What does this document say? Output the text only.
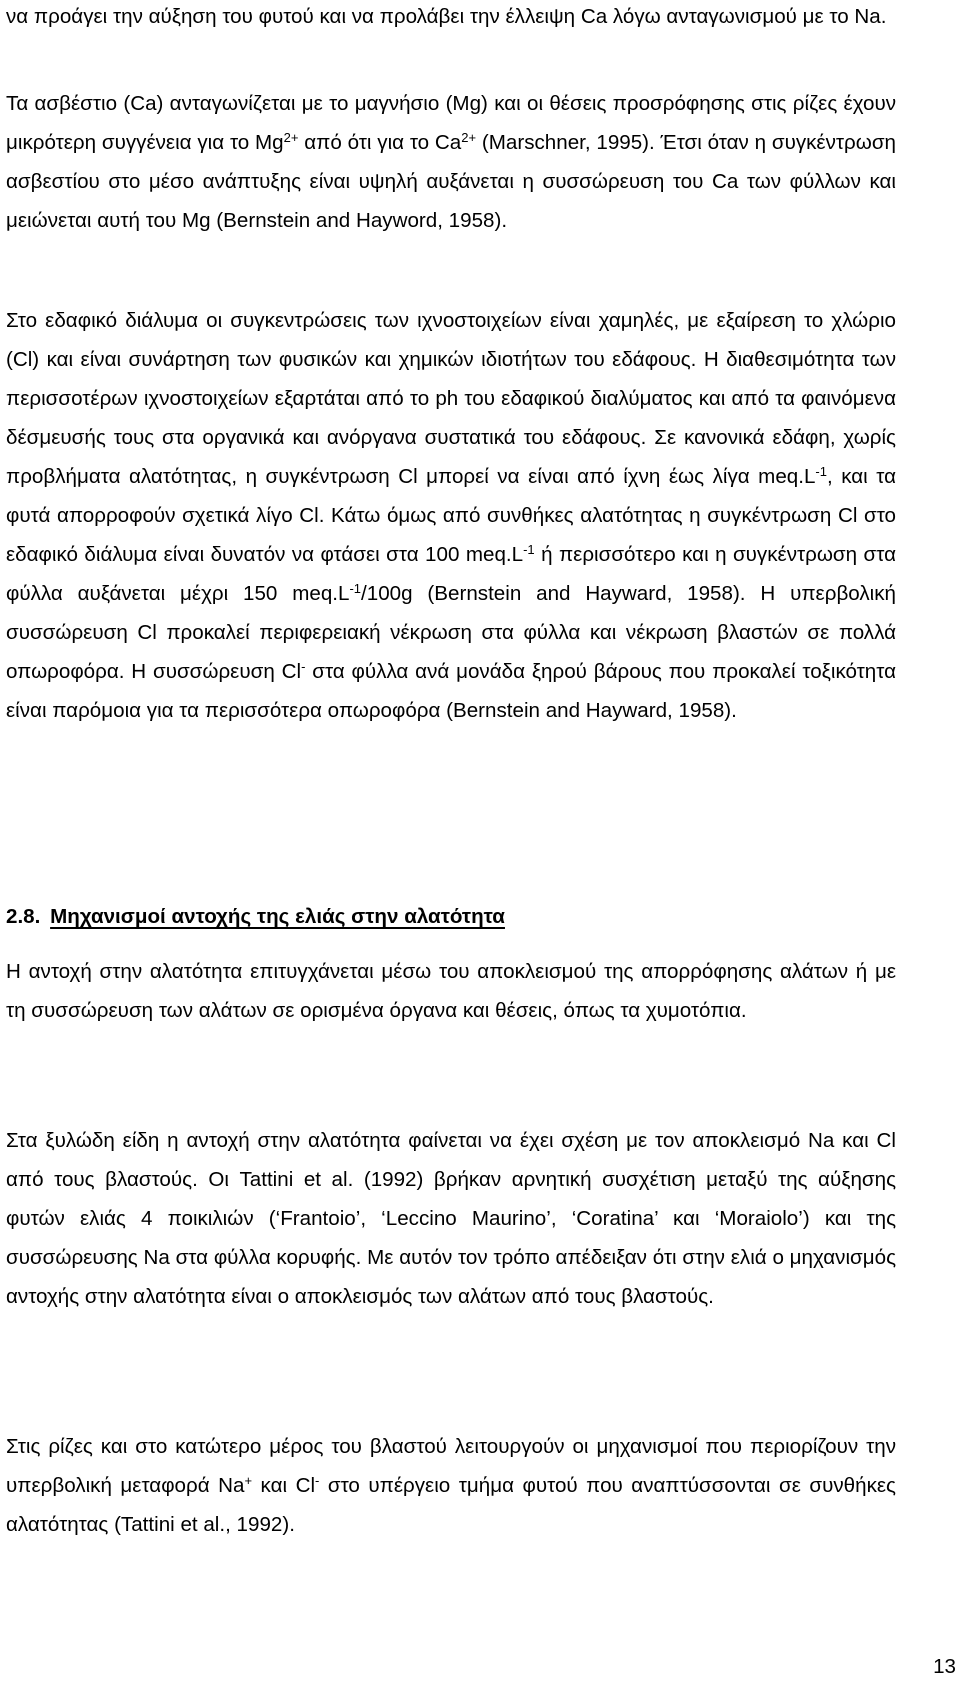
να προάγει την αύξηση του φυτού και να προλάβει την έλλειψη Ca λόγω ανταγωνισμού με το Na.
Τα ασβέστιο (Ca) ανταγωνίζεται με το μαγνήσιο (Mg) και οι θέσεις προσρόφησης στις ρίζες έχουν μικρότερη συγγένεια για το $Mg^{2+}$ από ότι για το $Ca^{2+}$ (Marschner, 1995). Έτσι όταν η συγκέντρωση ασβεστίου στο μέσο ανάπτυξης είναι υψηλή αυξάνεται η συσσώρευση του Ca των φύλλων και μειώνεται αυτή του Mg (Bernstein and Hayword, 1958).
Στο εδαφικό διάλυμα οι συγκεντρώσεις των ιχνοστοιχείων είναι χαμηλές, με εξαίρεση το χλώριο (Cl) και είναι συνάρτηση των φυσικών και χημικών ιδιοτήτων του εδάφους. Η διαθεσιμότητα των περισσοτέρων ιχνοστοιχείων εξαρτάται από το ph του εδαφικού διαλύματος και από τα φαινόμενα δέσμευσής τους στα οργανικά και ανόργανα συστατικά του εδάφους. Σε κανονικά εδάφη, χωρίς προβλήματα αλατότητας, η συγκέντρωση Cl μπορεί να είναι από ίχνη έως λίγα $meq.L^{-1}$, και τα φυτά απορροφούν σχετικά λίγο Cl. Κάτω όμως από συνθήκες αλατότητας η συγκέντρωση Cl στο εδαφικό διάλυμα είναι δυνατόν να φτάσει στα 100 $meq.L^{-1}$ ή περισσότερο και η συγκέντρωση στα φύλλα αυξάνεται μέχρι 150 $meq.L^{-1}/100g$ (Bernstein and Hayward, 1958). Η υπερβολική συσσώρευση Cl προκαλεί περιφερειακή νέκρωση στα φύλλα και νέκρωση βλαστών σε πολλά οπωροφόρα. Η συσσώρευση Cl- στα φύλλα ανά μονάδα ξηρού βάρους που προκαλεί τοξικότητα είναι παρόμοια για τα περισσότερα οπωροφόρα (Bernstein and Hayward, 1958).
2.8. Μηχανισμοί αντοχής της ελιάς στην αλατότητα
Η αντοχή στην αλατότητα επιτυγχάνεται μέσω του αποκλεισμού της απορρόφησης αλάτων ή με τη συσσώρευση των αλάτων σε ορισμένα όργανα και θέσεις, όπως τα χυμοτόπια.
Στα ξυλώδη είδη η αντοχή στην αλατότητα φαίνεται να έχει σχέση με τον αποκλεισμό Na και Cl από τους βλαστούς. Οι Tattini et al. (1992) βρήκαν αρνητική συσχέτιση μεταξύ της αύξησης φυτών ελιάς 4 ποικιλιών (‘Frantoio’, ‘Leccino Maurino’, ‘Coratina’ και ‘Moraiolo’) και της συσσώρευσης Na στα φύλλα κορυφής. Με αυτόν τον τρόπο απέδειξαν ότι στην ελιά ο μηχανισμός αντοχής στην αλατότητα είναι ο αποκλεισμός των αλάτων από τους βλαστούς.
Στις ρίζες και στο κατώτερο μέρος του βλαστού λειτουργούν οι μηχανισμοί που περιορίζουν την υπερβολική μεταφορά Na+ και Cl- στο υπέργειο τμήμα φυτού που αναπτύσσονται σε συνθήκες αλατότητας (Tattini et al., 1992).
13
